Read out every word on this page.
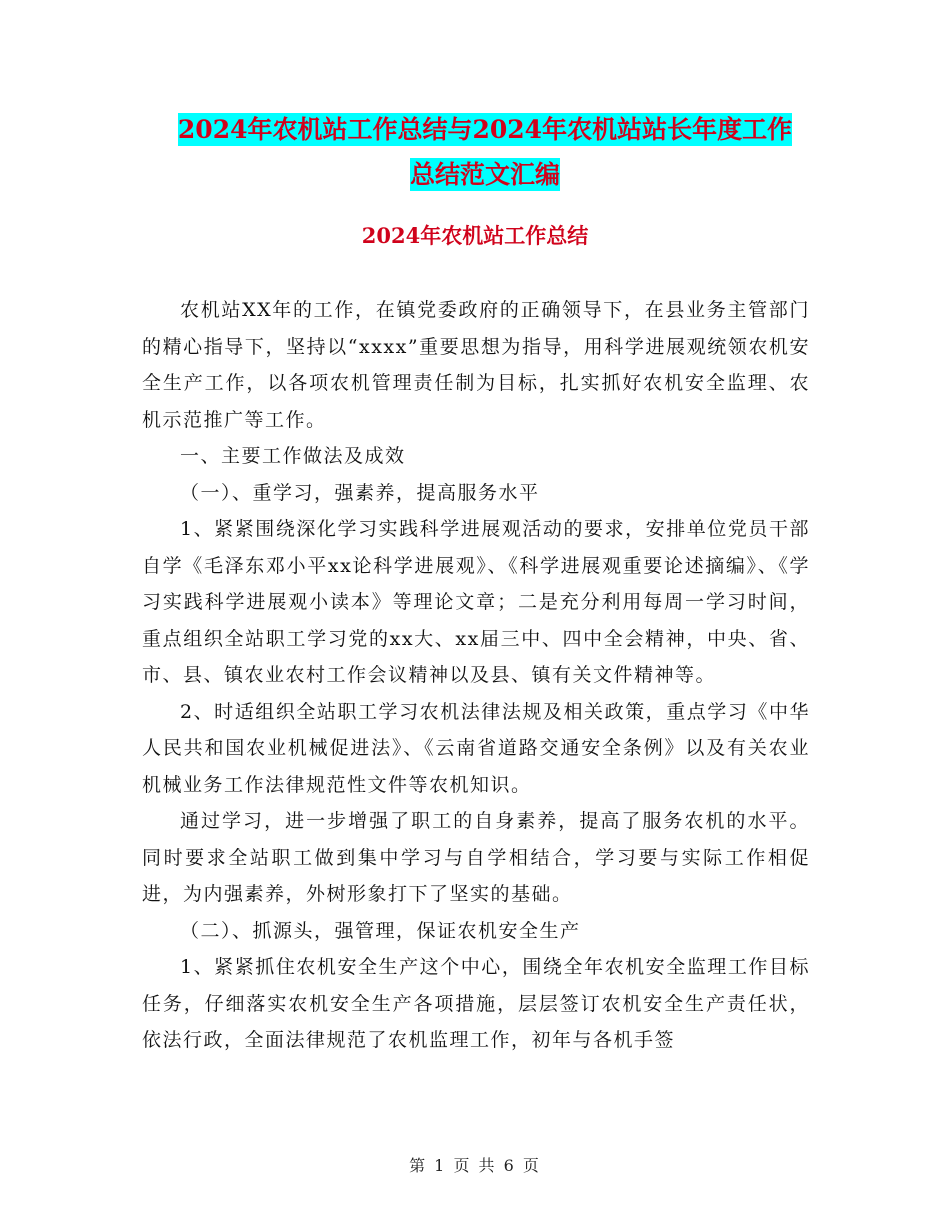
2024年农机站工作总结与2024年农机站站长年度工作
总结范文汇编
2024年农机站工作总结

农机站XX年的工作，在镇党委政府的正确领导下，在县业务主管部门的精心指导下，坚持以“xxxx”重要思想为指导，用科学进展观统领农机安全生产工作，以各项农机管理责任制为目标，扎实抓好农机安全监理、农机示范推广等工作。

一、主要工作做法及成效

（一）、重学习，强素养，提高服务水平

1、紧紧围绕深化学习实践科学进展观活动的要求，安排单位党员干部自学《毛泽东邓小平xx论科学进展观》、《科学进展观重要论述摘编》、《学习实践科学进展观小读本》等理论文章；二是充分利用每周一学习时间，重点组织全站职工学习党的xx大、xx届三中、四中全会精神，中央、省、市、县、镇农业农村工作会议精神以及县、镇有关文件精神等。

2、时适组织全站职工学习农机法律法规及相关政策，重点学习《中华人民共和国农业机械促进法》、《云南省道路交通安全条例》以及有关农业机械业务工作法律规范性文件等农机知识。

通过学习，进一步增强了职工的自身素养，提高了服务农机的水平。同时要求全站职工做到集中学习与自学相结合，学习要与实际工作相促进，为内强素养，外树形象打下了坚实的基础。

（二）、抓源头，强管理，保证农机安全生产

1、紧紧抓住农机安全生产这个中心，围绕全年农机安全监理工作目标任务，仔细落实农机安全生产各项措施，层层签订农机安全生产责任状，依法行政，全面法律规范了农机监理工作，初年与各机手签

第 1 页 共 6 页
